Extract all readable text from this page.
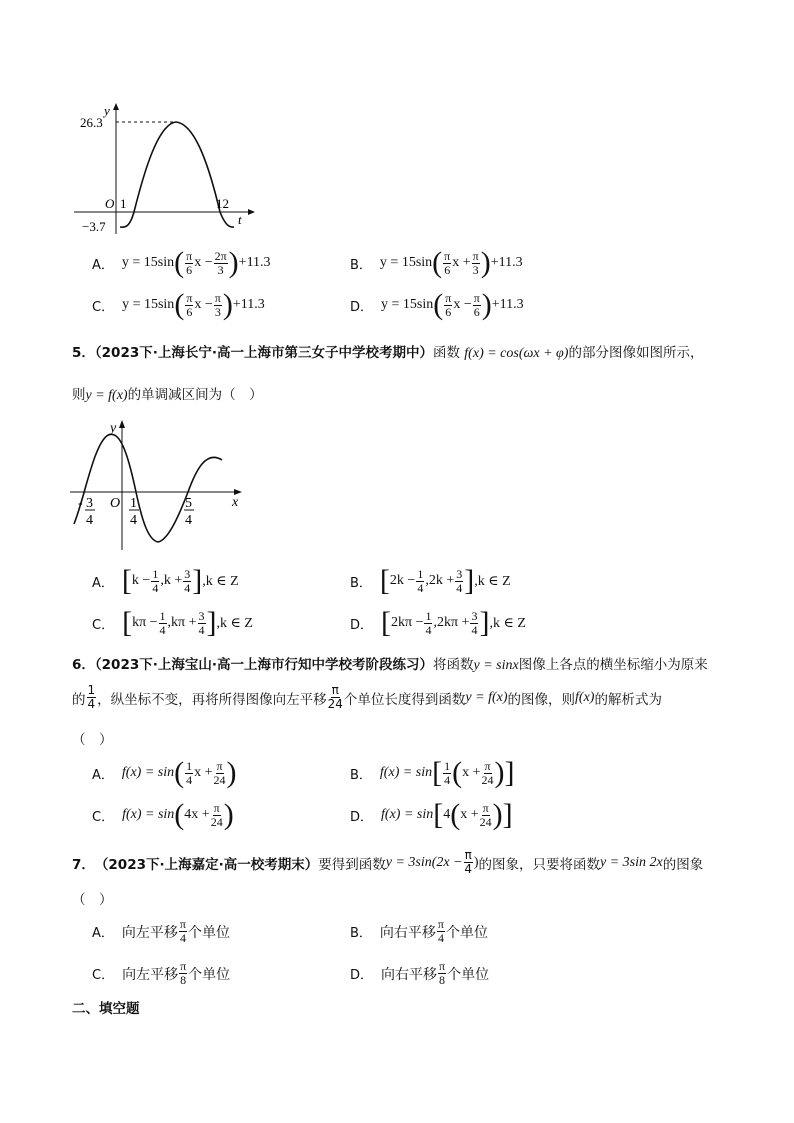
y
26.3
O 1	12
t
−3.7
A． y = 15sin ( $\frac{\pi}{6}$ $x - \frac{2\pi}{3}$ ) +11.3	B． y = 15sin ( $\frac{\pi}{6}$ $x + \frac{\pi}{3}$ ) +11.3
C． y = 15sin ( $\frac{\pi}{6}$ $x - \frac{\pi}{3}$ ) +11.3	D． y = 15sin ( $\frac{\pi}{6}$ $x - \frac{\pi}{6}$ ) +11.3
5．（2023下·上海长宁·高一上海市第三女子中学校考期中）函数 f(x) = cos(ωx + φ)的部分图像如图所示，
则y = f(x)的单调减区间为（　）
y
x
O
- 3
4
1
4
5
4
A． [ $k - \frac{1}{4} ,k + \frac{3}{4}$ ] ,k ∈ Z	B． [ $2k - \frac{1}{4} ,2k + \frac{3}{4}$ ] ,k ∈ Z
C． [ $k\pi - \frac{1}{4} ,k\pi + \frac{3}{4}$ ] ,k ∈ Z	D． [ $2k\pi - \frac{1}{4} ,2k\pi + \frac{3}{4}$ ] ,k ∈ Z
6．（2023下·上海宝山·高一上海市行知中学校考阶段练习）将函数y = sinx图像上各点的横坐标缩小为原来
的 $\frac{1}{4}$ ，纵坐标不变，再将所得图像向左平移 $\frac{\pi}{24}$ 个单位长度得到函数 y = f(x) 的图像，则 f(x) 的解析式为
（　）
A． f(x) = sin ( $\frac{1}{4}$ $x + \frac{\pi}{24}$ )	B． f(x) = sin [ $\frac{1}{4}$ ( $x + \frac{\pi}{24}$ ) ]
C． f(x) = sin ( $4x + \frac{\pi}{24}$ )	D． f(x) = sin [ 4 ( $x + \frac{\pi}{24}$ ) ]
7． （2023下·上海嘉定·高一校考期末） 要得到函数 $y = 3\sin(2x - \frac{\pi}{4}$ ) 的图象，只要将函数 y = 3sin 2x 的图象
（　）
A． 向左平移 $\frac{\pi}{4}$ 个单位	B． 向右平移 $\frac{\pi}{4}$ 个单位
C． 向左平移 $\frac{\pi}{8}$ 个单位	D． 向右平移 $\frac{\pi}{8}$ 个单位
二、填空题
